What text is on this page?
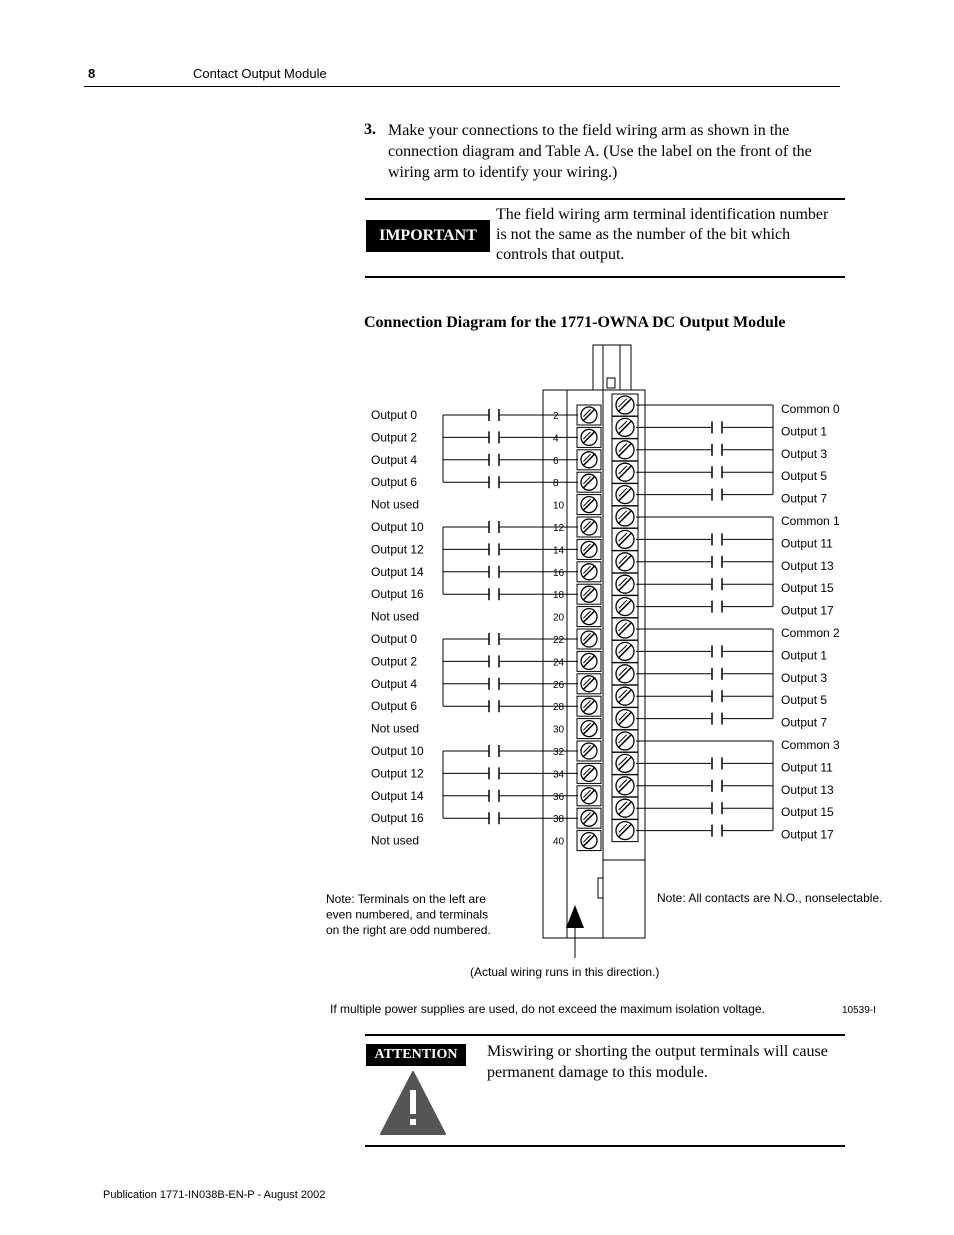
8	Contact Output Module
3. Make your connections to the field wiring arm as shown in the connection diagram and Table A. (Use the label on the front of the wiring arm to identify your wiring.)
IMPORTANT
The field wiring arm terminal identification number is not the same as the number of the bit which controls that output.
Connection Diagram for the 1771-OWNA DC Output Module
2
4
6
8
10
12
14
16
18
20
22
24
26
28
30
32
34
36
38
40
Output 0
Output 2
Output 4
Output 6
Not used
Output 10
Output 12
Output 14
Output 16
Not used
Output 0
Output 2
Output 4
Output 6
Not used
Output 10
Output 12
Output 14
Output 16
Not used
Common 0
Output 1
Output 3
Output 5
Output 7
Common 1
Output 11
Output 13
Output 15
Output 17
Common 2
Output 1
Output 3
Output 5
Output 7
Common 3
Output 11
Output 13
Output 15
Output 17
Note: Terminals on the left are
even numbered, and terminals
on the right are odd numbered.
Note: All contacts are N.O., nonselectable.
(Actual wiring runs in this direction.)
If multiple power supplies are used, do not exceed the maximum isolation voltage.	10539-I
ATTENTION	Miswiring or shorting the output terminals will cause permanent damage to this module.
Publication 1771-IN038B-EN-P - August 2002
